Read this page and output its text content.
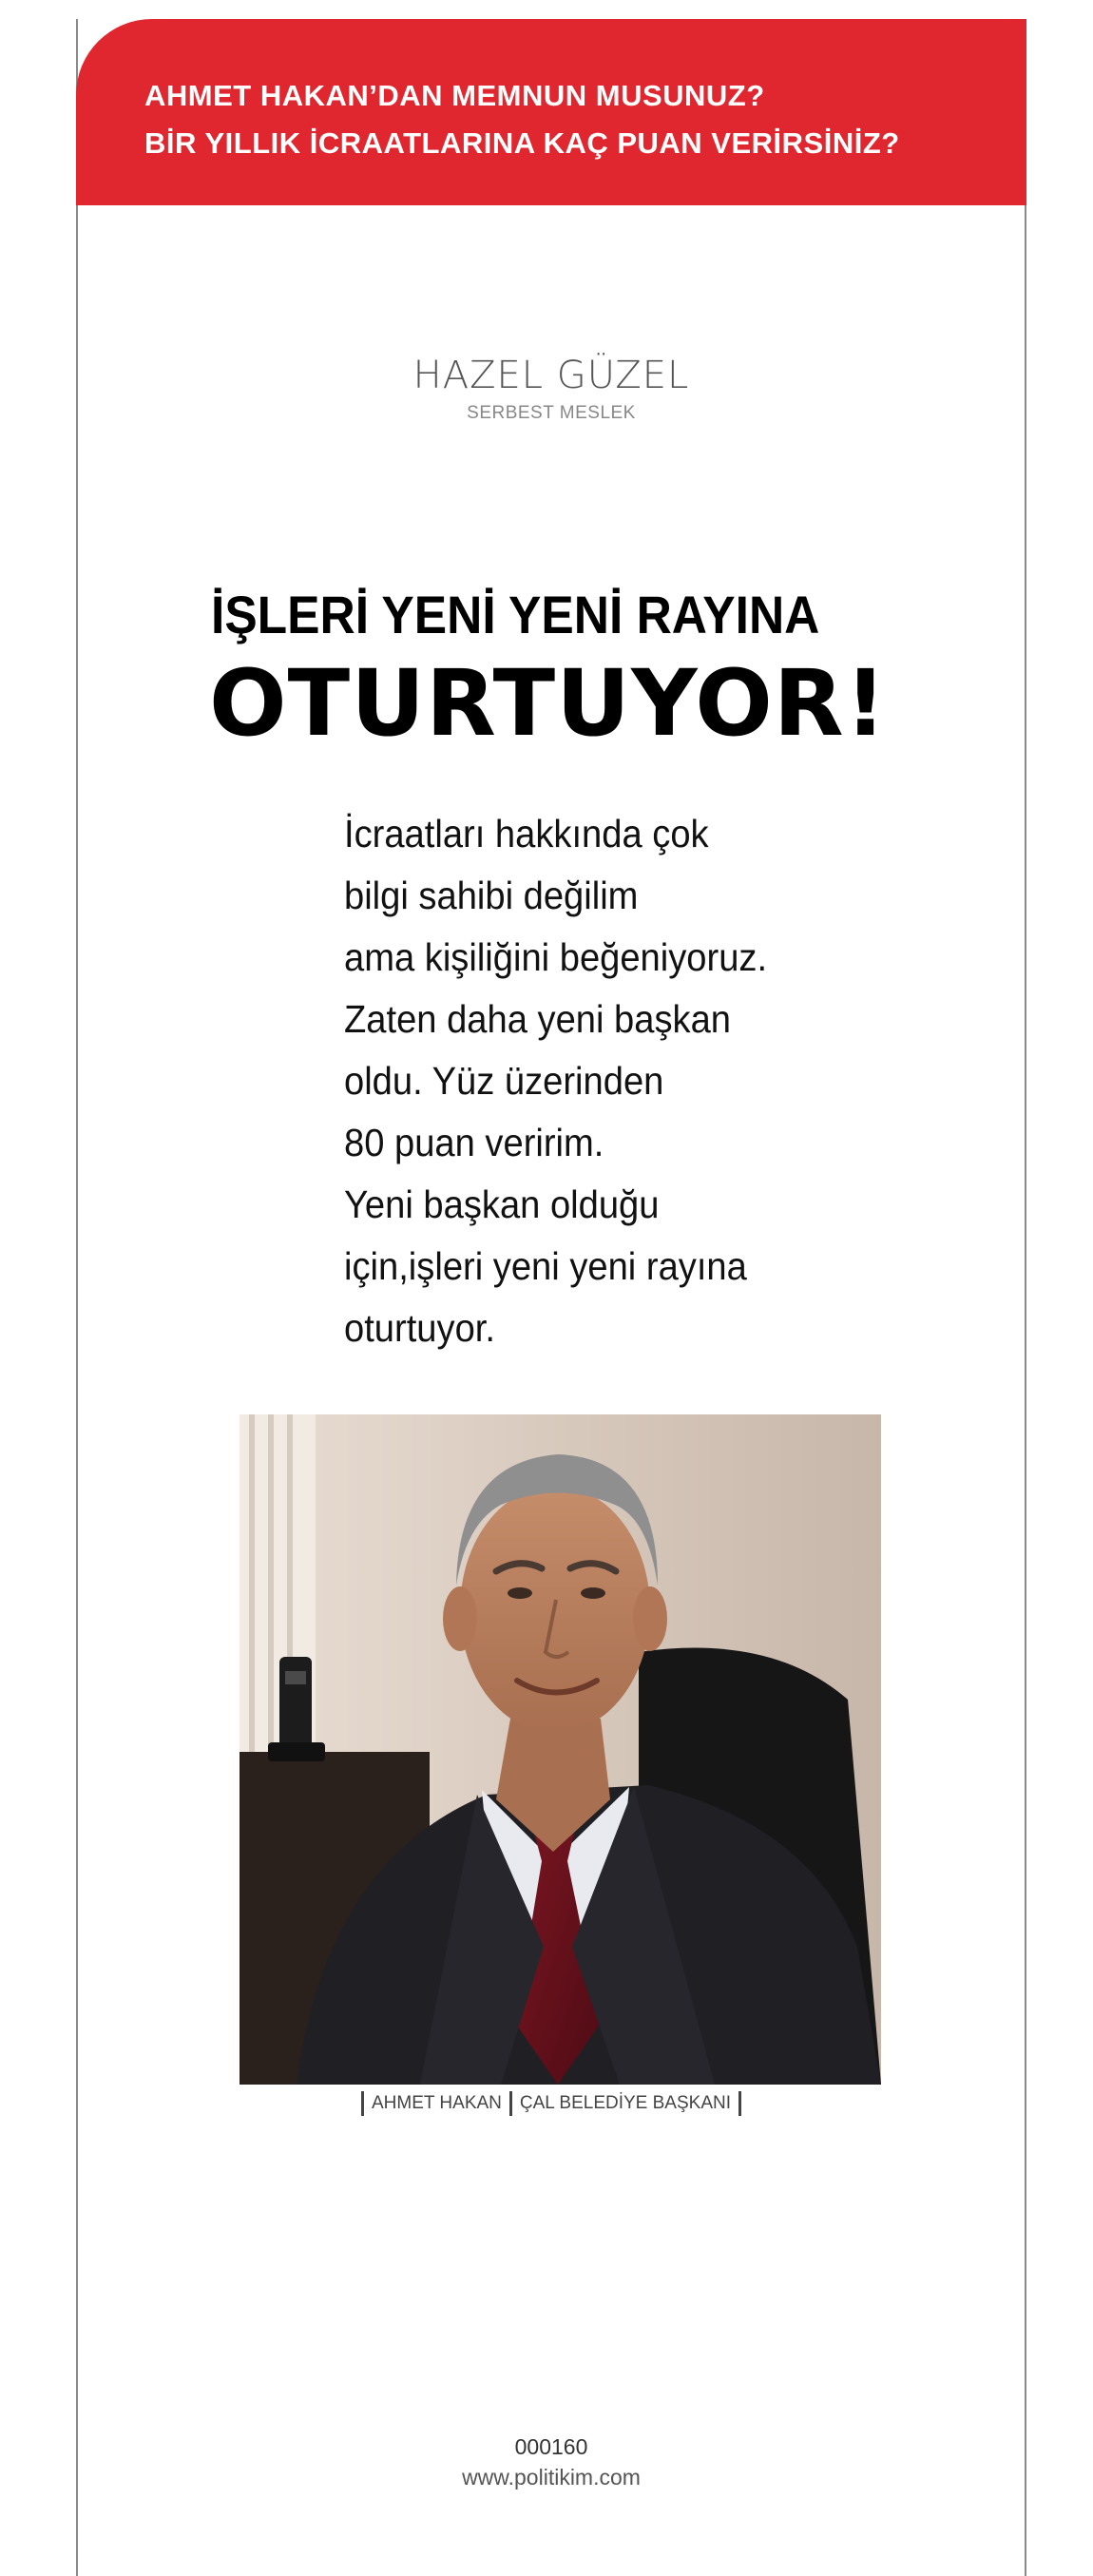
AHMET HAKAN’DAN MEMNUN MUSUNUZ?
BİR YILLIK İCRAATLARINA KAÇ PUAN VERİRSİNİZ?
HAZEL GÜZEL
SERBEST MESLEK
İŞLERİ YENİ YENİ RAYINA
OTURTUYOR!
İcraatları hakkında çok
bilgi sahibi değilim
ama kişiliğini beğeniyoruz.
Zaten daha yeni başkan
oldu. Yüz üzerinden
80 puan veririm.
Yeni başkan olduğu
için,işleri yeni yeni rayına
oturtuyor.
AHMET HAKAN ÇAL BELEDİYE BAŞKANI
000160
www.politikim.com
